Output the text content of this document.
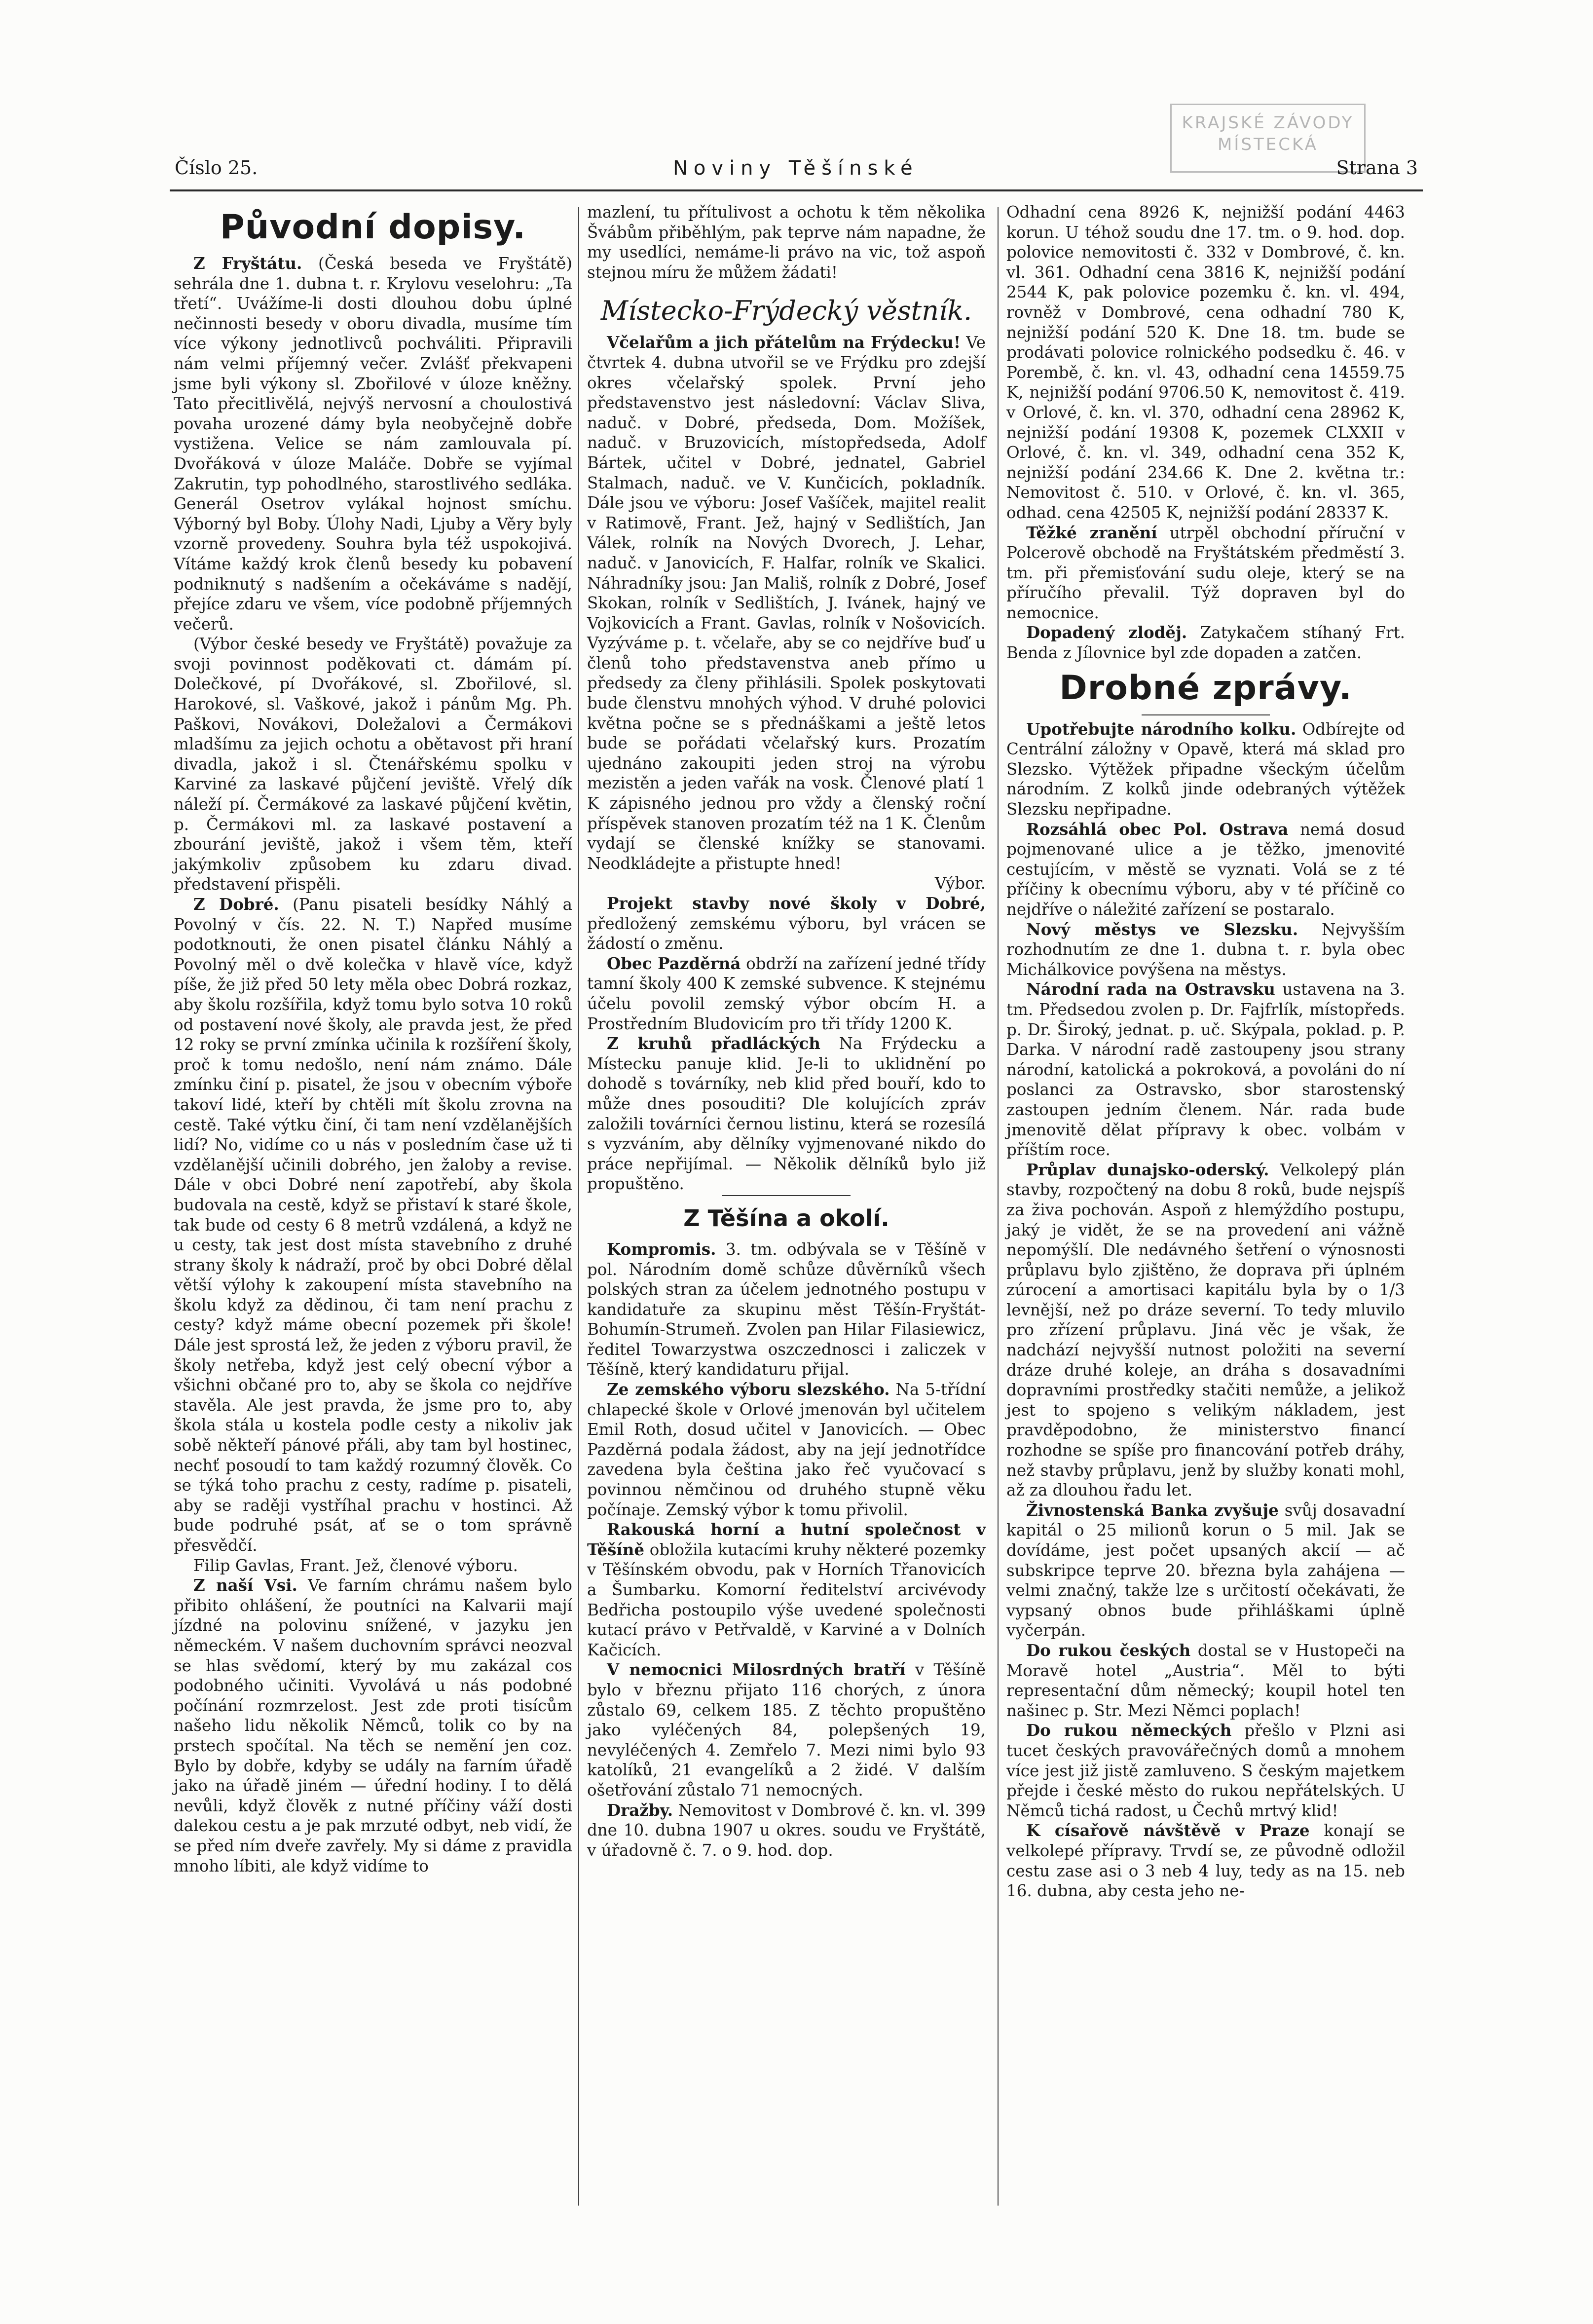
KRAJSKÉ ZÁVODY
MÍSTECKÁ
Číslo 25.	Noviny Těšínské	Strana 3
Původní dopisy.

Z Fryštátu. (Česká beseda ve Fryštátě) sehrála dne 1. dubna t. r. Krylovu veselohru: „Ta třetí“. Uvážíme-li dosti dlouhou dobu úplné nečinnosti besedy v oboru divadla, musíme tím více výkony jednotlivců pochváliti. Připravili nám velmi příjemný večer. Zvlášť překvapeni jsme byli výkony sl. Zbořilové v úloze kněžny. Tato přecitlivělá, nejvýš nervosní a choulostivá povaha urozené dámy byla neobyčejně dobře vystižena. Velice se nám zamlouvala pí. Dvořáková v úloze Maláče. Dobře se vyjímal Zakrutin, typ pohodlného, starostlivého sedláka. Generál Osetrov vylákal hojnost smíchu. Výborný byl Boby. Úlohy Nadi, Ljuby a Věry byly vzorně provedeny. Souhra byla též uspokojivá. Vítáme každý krok členů besedy ku pobavení podniknutý s nadšením a očekáváme s nadějí, přejíce zdaru ve všem, více podobně příjemných večerů.

(Výbor české besedy ve Fryštátě) považuje za svoji povinnost poděkovati ct. dámám pí. Dolečkové, pí Dvořákové, sl. Zbořilové, sl. Harokové, sl. Vaškové, jakož i pánům Mg. Ph. Paškovi, Novákovi, Doležalovi a Čermákovi mladšímu za jejich ochotu a obětavost při hraní divadla, jakož i sl. Čtenářskému spolku v Karviné za laskavé půjčení jeviště. Vřelý dík náleží pí. Čermákové za laskavé půjčení květin, p. Čermákovi ml. za laskavé postavení a zbourání jeviště, jakož i všem těm, kteří jakýmkoliv způsobem ku zdaru divad. představení přispěli.

Z Dobré. (Panu pisateli besídky Náhlý a Povolný v čís. 22. N. T.) Napřed musíme podotknouti, že onen pisatel článku Náhlý a Povolný měl o dvě kolečka v hlavě více, když píše, že již před 50 lety měla obec Dobrá rozkaz, aby školu rozšířila, když tomu bylo sotva 10 roků od postavení nové školy, ale pravda jest, že před 12 roky se první zmínka učinila k rozšíření školy, proč k tomu nedošlo, není nám známo. Dále zmínku činí p. pisatel, že jsou v obecním výboře takoví lidé, kteří by chtěli mít školu zrovna na cestě. Také výtku činí, či tam není vzdělanějších lidí? No, vidíme co u nás v posledním čase už ti vzdělanější učinili dobrého, jen žaloby a revise. Dále v obci Dobré není zapotřebí, aby škola budovala na cestě, když se přistaví k staré škole, tak bude od cesty 6 8 metrů vzdálená, a když ne u cesty, tak jest dost místa stavebního z druhé strany školy k nádraží, proč by obci Dobré dělal větší výlohy k zakoupení místa stavebního na školu když za dědinou, či tam není prachu z cesty? když máme obecní pozemek při škole! Dále jest sprostá lež, že jeden z výboru pravil, že školy netřeba, když jest celý obecní výbor a všichni občané pro to, aby se škola co nejdříve stavěla. Ale jest pravda, že jsme pro to, aby škola stála u kostela podle cesty a nikoliv jak sobě někteří pánové přáli, aby tam byl hostinec, nechť posoudí to tam každý rozumný člověk. Co se týká toho prachu z cesty, radíme p. pisateli, aby se raději vystříhal prachu v hostinci. Až bude podruhé psát, ať se o tom správně přesvědčí.

Filip Gavlas, Frant. Jež, členové výboru.

Z naší Vsi. Ve farním chrámu našem bylo přibito ohlášení, že poutníci na Kalvarii mají jízdné na polovinu snížené, v jazyku jen německém. V našem duchovním správci neozval se hlas svědomí, který by mu zakázal cos podobného učiniti. Vyvolává u nás podobné počínání rozmrzelost. Jest zde proti tisícům našeho lidu několik Němců, tolik co by na prstech spočítal. Na těch se nemění jen coz. Bylo by dobře, kdyby se udály na farním úřadě jako na úřadě jiném — úřední hodiny. I to dělá nevůli, když člověk z nutné příčiny váží dosti dalekou cestu a je pak mrzuté odbyt, neb vidí, že se před ním dveře zavřely. My si dáme z pravidla mnoho líbiti, ale když vidíme to

mazlení, tu přítulivost a ochotu k těm několika Švábům přiběhlým, pak teprve nám napadne, že my usedlíci, nemáme-li právo na vic, tož aspoň stejnou míru že můžem žádati!

Místecko-Frýdecký věstník.

Včelařům a jich přátelům na Frýdecku! Ve čtvrtek 4. dubna utvořil se ve Frýdku pro zdejší okres včelařský spolek. První jeho představenstvo jest následovní: Václav Sliva, naduč. v Dobré, předseda, Dom. Možíšek, naduč. v Bruzovicích, místopředseda, Adolf Bártek, učitel v Dobré, jednatel, Gabriel Stalmach, naduč. ve V. Kunčicích, pokladník. Dále jsou ve výboru: Josef Vašíček, majitel realit v Ratimově, Frant. Jež, hajný v Sedlištích, Jan Válek, rolník na Nových Dvorech, J. Lehar, naduč. v Janovicích, F. Halfar, rolník ve Skalici. Náhradníky jsou: Jan Mališ, rolník z Dobré, Josef Skokan, rolník v Sedlištích, J. Ivánek, hajný ve Vojkovicích a Frant. Gavlas, rolník v Nošovicích. Vyzýváme p. t. včelaře, aby se co nejdříve buď u členů toho představenstva aneb přímo u předsedy za členy přihlásili. Spolek poskytovati bude členstvu mnohých výhod. V druhé polovici května počne se s přednáškami a ještě letos bude se pořádati včelařský kurs. Prozatím ujednáno zakoupiti jeden stroj na výrobu mezistěn a jeden vařák na vosk. Členové platí 1 K zápisného jednou pro vždy a členský roční příspěvek stanoven prozatím též na 1 K. Členům vydají se členské knížky se stanovami. Neodkládejte a přistupte hned!

Výbor.

Projekt stavby nové školy v Dobré, předložený zemskému výboru, byl vrácen se žádostí o změnu.

Obec Pazděrná obdrží na zařízení jedné třídy tamní školy 400 K zemské subvence. K stejnému účelu povolil zemský výbor obcím H. a Prostředním Bludovicím pro tři třídy 1200 K.

Z kruhů přadláckých Na Frýdecku a Místecku panuje klid. Je-li to uklidnění po dohodě s továrníky, neb klid před bouří, kdo to může dnes posouditi? Dle kolujících zpráv založili továrníci černou listinu, která se rozesílá s vyzváním, aby dělníky vyjmenované nikdo do práce nepřijímal. — Několik dělníků bylo již propuštěno.

Z Těšína a okolí.

Kompromis. 3. tm. odbývala se v Těšíně v pol. Národním domě schůze důvěrníků všech polských stran za účelem jednotného postupu v kandidatuře za skupinu měst Těšín-Fryštát-Bohumín-Strumeň. Zvolen pan Hilar Filasiewicz, ředitel Towarzystwa oszczednosci i zaliczek v Těšíně, který kandidaturu přijal.

Ze zemského výboru slezského. Na 5-třídní chlapecké škole v Orlové jmenován byl učitelem Emil Roth, dosud učitel v Janovicích. — Obec Pazděrná podala žádost, aby na její jednotřídce zavedena byla čeština jako řeč vyučovací s povinnou němčinou od druhého stupně věku počínaje. Zemský výbor k tomu přivolil.

Rakouská horní a hutní společnost v Těšíně obložila kutacími kruhy některé pozemky v Těšínském obvodu, pak v Horních Třanovicích a Šumbarku. Komorní ředitelství arcivévody Bedřicha postoupilo výše uvedené společnosti kutací právo v Petřvaldě, v Karviné a v Dolních Kačicích.

V nemocnici Milosrdných bratří v Těšíně bylo v březnu přijato 116 chorých, z února zůstalo 69, celkem 185. Z těchto propuštěno jako vyléčených 84, polepšených 19, nevyléčených 4. Zemřelo 7. Mezi nimi bylo 93 katolíků, 21 evangelíků a 2 židé. V dalším ošetřování zůstalo 71 nemocných.

Dražby. Nemovitost v Dombrové č. kn. vl. 399 dne 10. dubna 1907 u okres. soudu ve Fryštátě, v úřadovně č. 7. o 9. hod. dop.

Odhadní cena 8926 K, nejnižší podání 4463 korun. U téhož soudu dne 17. tm. o 9. hod. dop. polovice nemovitosti č. 332 v Dombrové, č. kn. vl. 361. Odhadní cena 3816 K, nejnižší podání 2544 K, pak polovice pozemku č. kn. vl. 494, rovněž v Dombrové, cena odhadní 780 K, nejnižší podání 520 K. Dne 18. tm. bude se prodávati polovice rolnického podsedku č. 46. v Porembě, č. kn. vl. 43, odhadní cena 14559.75 K, nejnižší podání 9706.50 K, nemovitost č. 419. v Orlové, č. kn. vl. 370, odhadní cena 28962 K, nejnižší podání 19308 K, pozemek CLXXII v Orlové, č. kn. vl. 349, odhadní cena 352 K, nejnižší podání 234.66 K. Dne 2. května tr.: Nemovitost č. 510. v Orlové, č. kn. vl. 365, odhad. cena 42505 K, nejnižší podání 28337 K.

Těžké zranění utrpěl obchodní příruční v Polcerově obchodě na Fryštátském předměstí 3. tm. při přemisťování sudu oleje, který se na příručího převalil. Týž dopraven byl do nemocnice.

Dopadený zloděj. Zatykačem stíhaný Frt. Benda z Jílovnice byl zde dopaden a zatčen.

Drobné zprávy.

Upotřebujte národního kolku. Odbírejte od Centrální záložny v Opavě, která má sklad pro Slezsko. Výtěžek připadne všeckým účelům národním. Z kolků jinde odebraných výtěžek Slezsku nepřipadne.

Rozsáhlá obec Pol. Ostrava nemá dosud pojmenované ulice a je těžko, jmenovité cestujícím, v městě se vyznati. Volá se z té příčiny k obecnímu výboru, aby v té příčině co nejdříve o náležité zařízení se postaralo.

Nový městys ve Slezsku. Nejvyšším rozhodnutím ze dne 1. dubna t. r. byla obec Michálkovice povýšena na městys.

Národní rada na Ostravsku ustavena na 3. tm. Předsedou zvolen p. Dr. Fajfrlík, místopředs. p. Dr. Široký, jednat. p. uč. Skýpala, poklad. p. P. Darka. V národní radě zastoupeny jsou strany národní, katolická a pokroková, a povoláni do ní poslanci za Ostravsko, sbor starostenský zastoupen jedním členem. Nár. rada bude jmenovitě dělat přípravy k obec. volbám v příštím roce.

Průplav dunajsko-oderský. Velkolepý plán stavby, rozpočtený na dobu 8 roků, bude nejspíš za živa pochován. Aspoň z hlemýždího postupu, jaký je vidět, že se na provedení ani vážně nepomýšlí. Dle nedávného šetření o výnosnosti průplavu bylo zjištěno, že doprava při úplném zúrocení a amortisaci kapitálu byla by o 1/3 levnější, než po dráze severní. To tedy mluvilo pro zřízení průplavu. Jiná věc je však, že nadchází nejvyšší nutnost položiti na severní dráze druhé koleje, an dráha s dosavadními dopravními prostředky stačiti nemůže, a jelikož jest to spojeno s velikým nákladem, jest pravděpodobno, že ministerstvo financí rozhodne se spíše pro financování potřeb dráhy, než stavby průplavu, jenž by služby konati mohl, až za dlouhou řadu let.

Živnostenská Banka zvyšuje svůj dosavadní kapitál o 25 milionů korun o 5 mil. Jak se dovídáme, jest počet upsaných akcií — ač subskripce teprve 20. března byla zahájena — velmi značný, takže lze s určitostí očekávati, že vypsaný obnos bude přihláškami úplně vyčerpán.

Do rukou českých dostal se v Hustopeči na Moravě hotel „Austria“. Měl to býti representační dům německý; koupil hotel ten našinec p. Str. Mezi Němci poplach!

Do rukou německých přešlo v Plzni asi tucet českých pravovářečných domů a mnohem více jest již jistě zamluveno. S českým majetkem přejde i české město do rukou nepřátelských. U Němců tichá radost, u Čechů mrtvý klid!

K císařově návštěvě v Praze konají se velkolepé přípravy. Trvdí se, ze původně odložil cestu zase asi o 3 neb 4 luy, tedy as na 15. neb 16. dubna, aby cesta jeho ne-
